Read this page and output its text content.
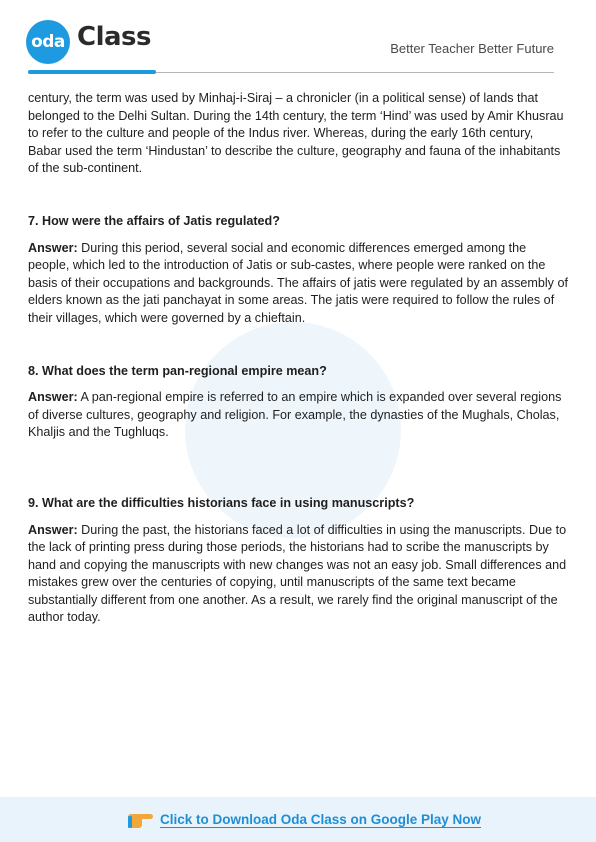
oda Class	Better Teacher Better Future

century, the term was used by Minhaj-i-Siraj – a chronicler (in a political sense) of lands that belonged to the Delhi Sultan. During the 14th century, the term ‘Hind’ was used by Amir Khusrau to refer to the culture and people of the Indus river. Whereas, during the early 16th century, Babar used the term ‘Hindustan’ to describe the culture, geography and fauna of the inhabitants of the sub-continent.

7. How were the affairs of Jatis regulated?

Answer: During this period, several social and economic differences emerged among the people, which led to the introduction of Jatis or sub-castes, where people were ranked on the basis of their occupations and backgrounds. The affairs of jatis were regulated by an assembly of elders known as the jati panchayat in some areas. The jatis were required to follow the rules of their villages, which were governed by a chieftain.

8. What does the term pan-regional empire mean?

Answer: A pan-regional empire is referred to an empire which is expanded over several regions of diverse cultures, geography and religion. For example, the dynasties of the Mughals, Cholas, Khaljis and the Tughluqs.

9. What are the difficulties historians face in using manuscripts?

Answer: During the past, the historians faced a lot of difficulties in using the manuscripts. Due to the lack of printing press during those periods, the historians had to scribe the manuscripts by hand and copying the manuscripts with new changes was not an easy job. Small differences and mistakes grew over the centuries of copying, until manuscripts of the same text became substantially different from one another. As a result, we rarely find the original manuscript of the author today.

Click to Download Oda Class on Google Play Now
